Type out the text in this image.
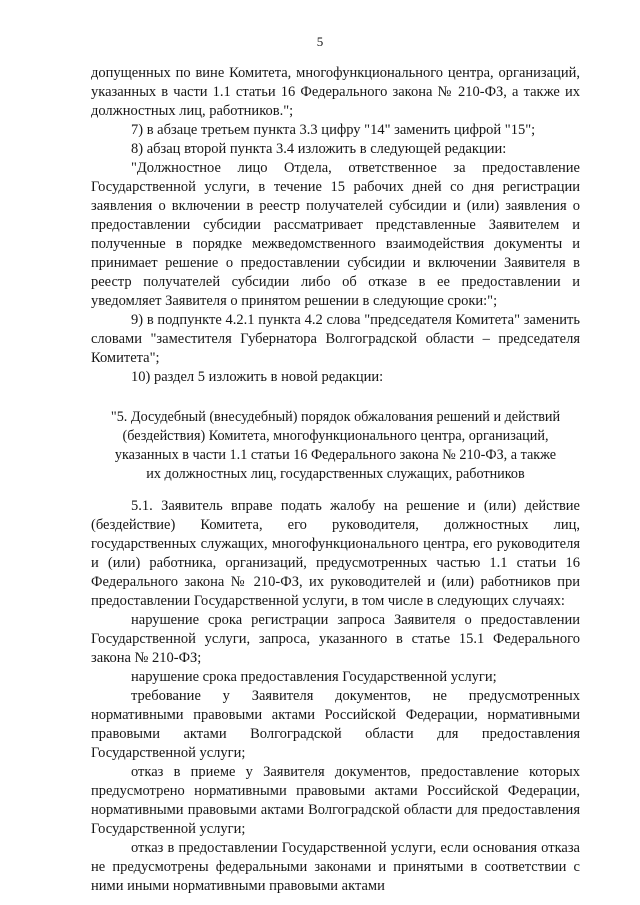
5

допущенных по вине Комитета, многофункционального центра, организаций, указанных в части 1.1 статьи 16 Федерального закона № 210-ФЗ, а также их должностных лиц, работников.";

7) в абзаце третьем пункта 3.3 цифру "14" заменить цифрой "15";

8) абзац второй пункта 3.4 изложить в следующей редакции:

"Должностное лицо Отдела, ответственное за предоставление Государственной услуги, в течение 15 рабочих дней со дня регистрации заявления о включении в реестр получателей субсидии и (или) заявления о предоставлении субсидии рассматривает представленные Заявителем и полученные в порядке межведомственного взаимодействия документы и принимает решение о предоставлении субсидии и включении Заявителя в реестр получателей субсидии либо об отказе в ее предоставлении и уведомляет Заявителя о принятом решении в следующие сроки:";

9) в подпункте 4.2.1 пункта 4.2 слова "председателя Комитета" заменить словами "заместителя Губернатора Волгоградской области – председателя Комитета";

10) раздел 5 изложить в новой редакции:

"5. Досудебный (внесудебный) порядок обжалования решений и действий
(бездействия) Комитета, многофункционального центра, организаций,
указанных в части 1.1 статьи 16 Федерального закона № 210-ФЗ, а также
их должностных лиц, государственных служащих, работников

5.1. Заявитель вправе подать жалобу на решение и (или) действие (бездействие) Комитета, его руководителя, должностных лиц, государственных служащих, многофункционального центра, его руководителя и (или) работника, организаций, предусмотренных частью 1.1 статьи 16 Федерального закона № 210-ФЗ, их руководителей и (или) работников при предоставлении Государственной услуги, в том числе в следующих случаях:

нарушение срока регистрации запроса Заявителя о предоставлении Государственной услуги, запроса, указанного в статье 15.1 Федерального закона № 210-ФЗ;

нарушение срока предоставления Государственной услуги;

требование у Заявителя документов, не предусмотренных нормативными правовыми актами Российской Федерации, нормативными правовыми актами Волгоградской области для предоставления Государственной услуги;

отказ в приеме у Заявителя документов, предоставление которых предусмотрено нормативными правовыми актами Российской Федерации, нормативными правовыми актами Волгоградской области для предоставления Государственной услуги;

отказ в предоставлении Государственной услуги, если основания отказа не предусмотрены федеральными законами и принятыми в соответствии с ними иными нормативными правовыми актами
